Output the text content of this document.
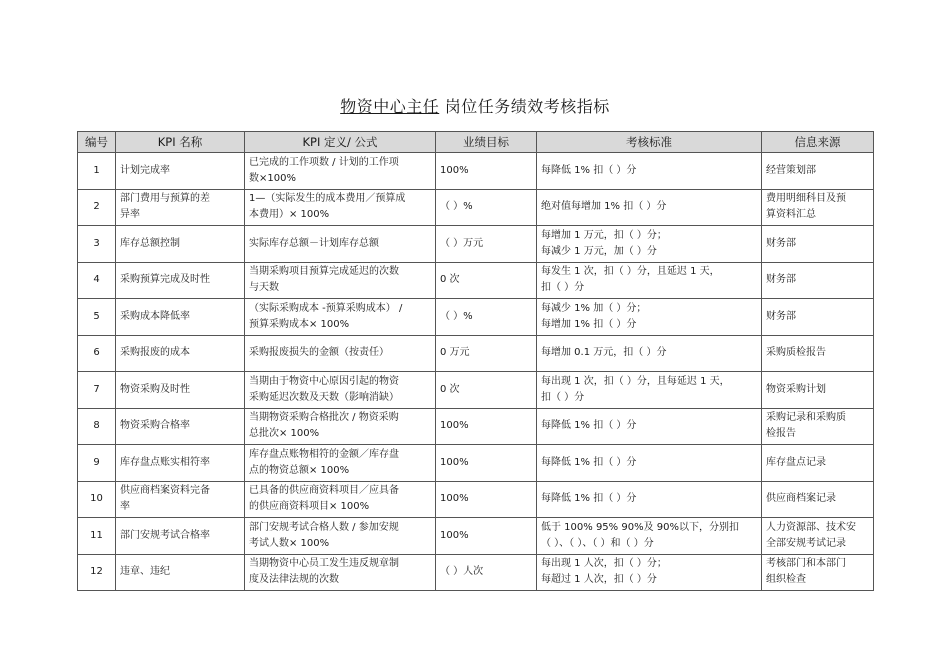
物资中心主任 岗位任务绩效考核指标
编号	KPI 名称	KPI 定义/ 公式	业绩目标	考核标准	信息来源
1	计划完成率	已完成的工作项数 / 计划的工作项
数×100%	100%	每降低 1% 扣（ ）分	经营策划部
2	部门费用与预算的差
异率	1—（实际发生的成本费用／预算成
本费用）× 100%	（ ）%	绝对值每增加 1% 扣（ ）分	费用明细科目及预
算资料汇总
3	库存总额控制	实际库存总额－计划库存总额	（ ）万元	每增加 1 万元，扣（ ）分；
每减少 1 万元，加（ ）分	财务部
4	采购预算完成及时性	当期采购项目预算完成延迟的次数
与天数	0 次	每发生 1 次，扣（ ）分，且延迟 1 天，
扣（ ）分	财务部
5	采购成本降低率	（实际采购成本 -预算采购成本） /
预算采购成本× 100%	（ ）%	每减少 1% 加（ ）分；
每增加 1% 扣（ ）分	财务部
6	采购报废的成本	采购报废损失的金额（按责任）	0 万元	每增加 0.1 万元，扣（ ）分	采购质检报告
7	物资采购及时性	当期由于物资中心原因引起的物资
采购延迟次数及天数（影响消缺）	0 次	每出现 1 次，扣（ ）分，且每延迟 1 天，
扣（ ）分	物资采购计划
8	物资采购合格率	当期物资采购合格批次 / 物资采购
总批次× 100%	100%	每降低 1% 扣（ ）分	采购记录和采购质
检报告
9	库存盘点账实相符率	库存盘点账物相符的金额／库存盘
点的物资总额× 100%	100%	每降低 1% 扣（ ）分	库存盘点记录
10	供应商档案资料完备
率	已具备的供应商资料项目／应具备
的供应商资料项目× 100%	100%	每降低 1% 扣（ ）分	供应商档案记录
11	部门安规考试合格率	部门安规考试合格人数 / 参加安规
考试人数× 100%	100%	低于 100% 95% 90%及 90%以下，分别扣
（ ）、（ ）、（ ）和（ ）分	人力资源部、技术安
全部安规考试记录
12	违章、违纪	当期物资中心员工发生违反规章制
度及法律法规的次数	（ ）人次	每出现 1 人次，扣（ ）分；
每超过 1 人次，扣（ ）分	考核部门和本部门
组织检查
